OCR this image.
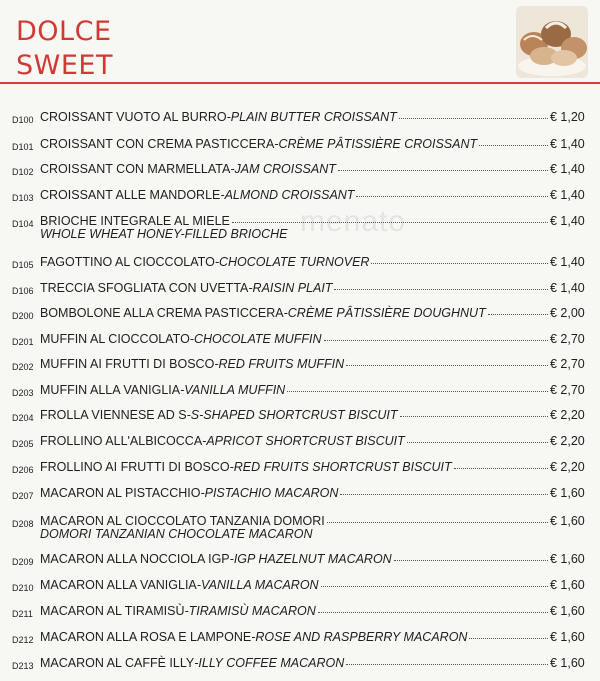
DOLCE
SWEET
menato
D100 CROISSANT VUOTO AL BURRO - PLAIN BUTTER CROISSANT	€ 1,20
D101 CROISSANT CON CREMA PASTICCERA - CRÈME PÂTISSIÈRE CROISSANT	€ 1,40
D102 CROISSANT CON MARMELLATA - JAM CROISSANT	€ 1,40
D103 CROISSANT ALLE MANDORLE - ALMOND CROISSANT	€ 1,40
D104 BRIOCHE INTEGRALE AL MIELE
WHOLE WHEAT HONEY-FILLED BRIOCHE
€ 1,40
D105 FAGOTTINO AL CIOCCOLATO - CHOCOLATE TURNOVER	€ 1,40
D106 TRECCIA SFOGLIATA CON UVETTA - RAISIN PLAIT	€ 1,40
D200 BOMBOLONE ALLA CREMA PASTICCERA - CRÈME PÂTISSIÈRE DOUGHNUT	€ 2,00
D201 MUFFIN AL CIOCCOLATO - CHOCOLATE MUFFIN	€ 2,70
D202 MUFFIN AI FRUTTI DI BOSCO - RED FRUITS MUFFIN	€ 2,70
D203 MUFFIN ALLA VANIGLIA - VANILLA MUFFIN	€ 2,70
D204 FROLLA VIENNESE AD S - S-SHAPED SHORTCRUST BISCUIT	€ 2,20
D205 FROLLINO ALL'ALBICOCCA - APRICOT SHORTCRUST BISCUIT	€ 2,20
D206 FROLLINO AI FRUTTI DI BOSCO - RED FRUITS SHORTCRUST BISCUIT	€ 2,20
D207 MACARON AL PISTACCHIO - PISTACHIO MACARON	€ 1,60
D208 MACARON AL CIOCCOLATO TANZANIA DOMORI
DOMORI TANZANIAN CHOCOLATE MACARON
€ 1,60
D209 MACARON ALLA NOCCIOLA IGP - IGP HAZELNUT MACARON	€ 1,60
D210 MACARON ALLA VANIGLIA - VANILLA MACARON	€ 1,60
D211 MACARON AL TIRAMISÙ - TIRAMISÙ MACARON	€ 1,60
D212 MACARON ALLA ROSA E LAMPONE - ROSE AND RASPBERRY MACARON	€ 1,60
D213 MACARON AL CAFFÈ ILLY - ILLY COFFEE MACARON	€ 1,60
